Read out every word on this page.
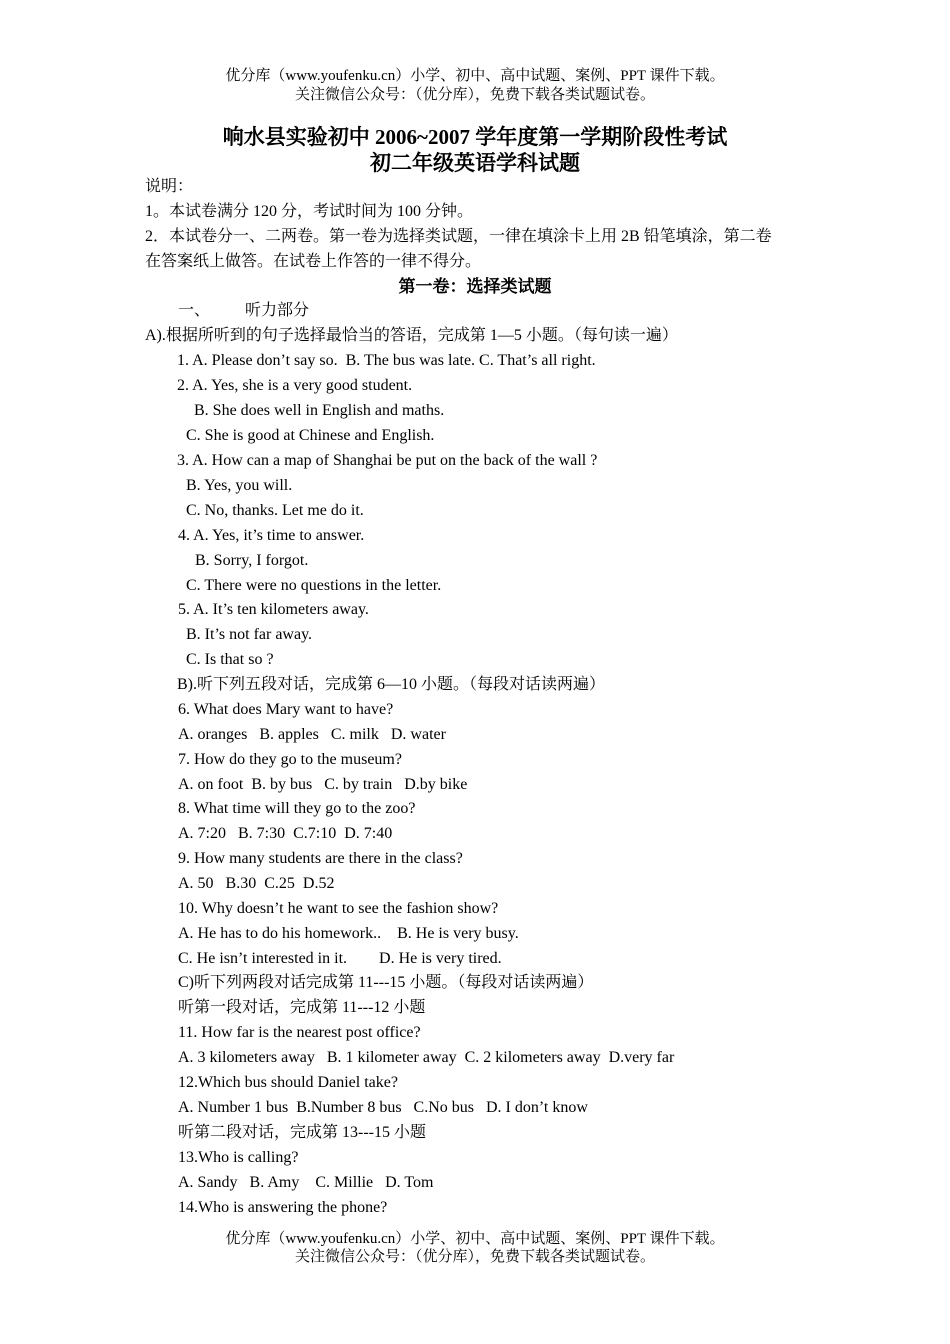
优分库（www.youfenku.cn）小学、初中、高中试题、案例、PPT 课件下载。
关注微信公众号：（优分库），免费下载各类试题试卷。
响水县实验初中 2006~2007 学年度第一学期阶段性考试
初二年级英语学科试题
说明：
1。本试卷满分 120 分，考试时间为 100 分钟。
2．本试卷分一、二两卷。第一卷为选择类试题，一律在填涂卡上用 2B 铅笔填涂，第二卷
在答案纸上做答。在试卷上作答的一律不得分。
第一卷：选择类试题
一、 听力部分
A).根据所听到的句子选择最恰当的答语，完成第 1—5 小题。（每句读一遍）
1. A. Please don’t say so.  B. The bus was late. C. That’s all right.
2. A. Yes, she is a very good student.
B. She does well in English and maths.
C. She is good at Chinese and English.
3. A. How can a map of Shanghai be put on the back of the wall ?
B. Yes, you will.
C. No, thanks. Let me do it.
4. A. Yes, it’s time to answer.
B. Sorry, I forgot.
C. There were no questions in the letter.
5. A. It’s ten kilometers away.
B. It’s not far away.
C. Is that so ?
B).听下列五段对话，完成第 6—10 小题。（每段对话读两遍）
6. What does Mary want to have?
A. oranges   B. apples   C. milk   D. water
7. How do they go to the museum?
A. on foot  B. by bus   C. by train   D.by bike
8. What time will they go to the zoo?
A. 7:20   B. 7:30  C.7:10  D. 7:40
9. How many students are there in the class?
A. 50   B.30  C.25  D.52
10. Why doesn’t he want to see the fashion show?
A. He has to do his homework..    B. He is very busy.
C. He isn’t interested in it.        D. He is very tired.
C)听下列两段对话完成第 11---15 小题。（每段对话读两遍）
听第一段对话，完成第 11---12 小题
11. How far is the nearest post office?
A. 3 kilometers away   B. 1 kilometer away  C. 2 kilometers away  D.very far
12.Which bus should Daniel take?
A. Number 1 bus  B.Number 8 bus   C.No bus   D. I don’t know
听第二段对话，完成第 13---15 小题
13.Who is calling?
A. Sandy   B. Amy    C. Millie   D. Tom
14.Who is answering the phone?
优分库（www.youfenku.cn）小学、初中、高中试题、案例、PPT 课件下载。
关注微信公众号：（优分库），免费下载各类试题试卷。
